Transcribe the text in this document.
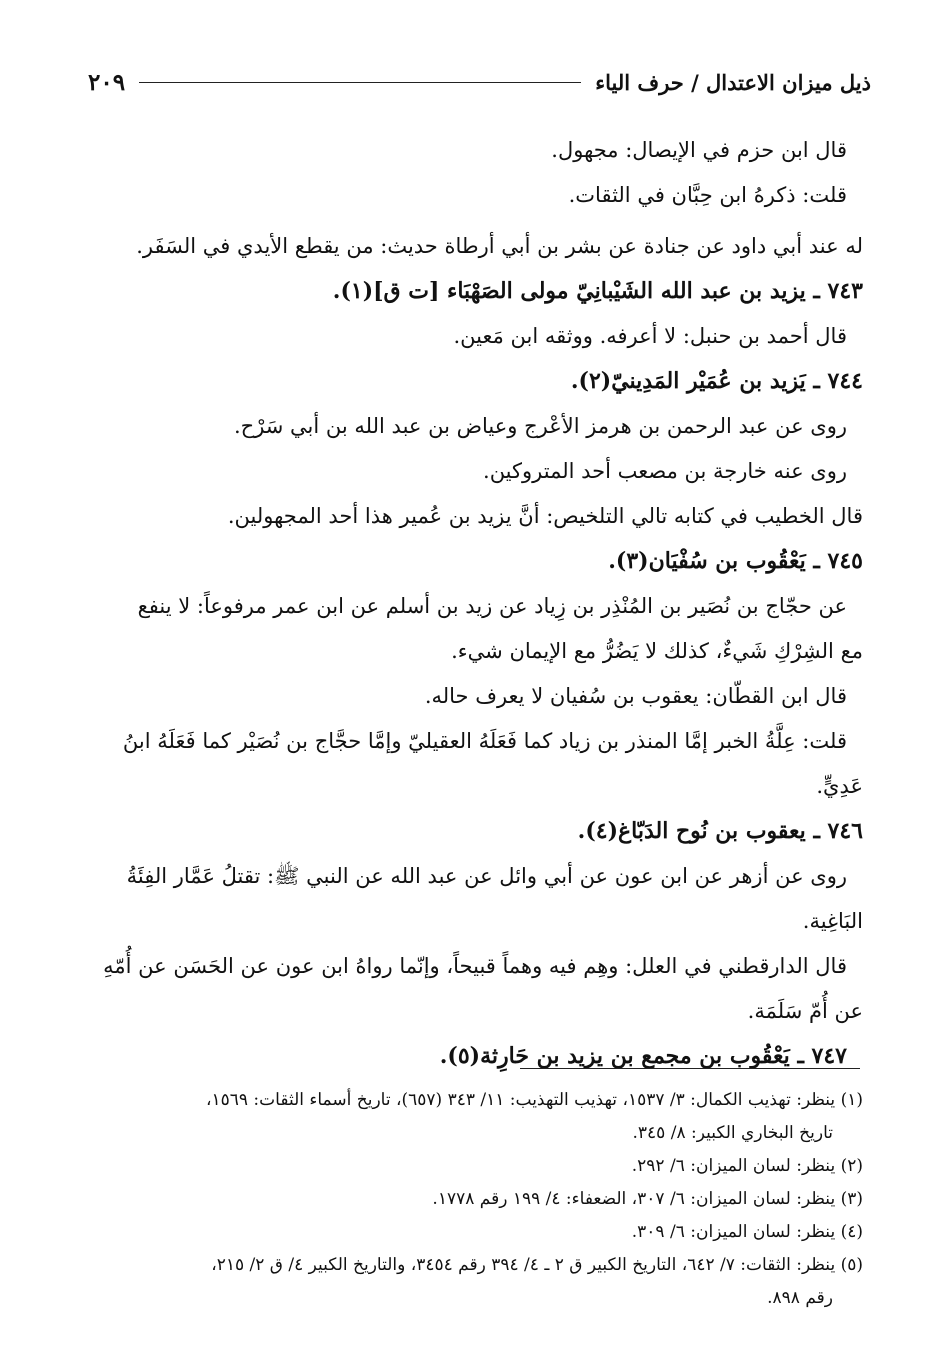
ذيل ميزان الاعتدال / حرف الياء
٢٠٩
قال ابن حزم في الإيصال: مجهول.
قلت: ذكرهُ ابن حِبَّان في الثقات.
له عند أبي داود عن جنادة عن بشر بن أبي أرطاة حديث: من يقطع الأيدي في السَفَر.
٧٤٣ ـ يزيد بن عبد الله الشَيْبانِيّ مولى الصَهْبَاء [ت ق](١).
قال أحمد بن حنبل: لا أعرفه. ووثقه ابن مَعين.
٧٤٤ ـ يَزيد بن عُمَيْر المَدِينيّ(٢).
روى عن عبد الرحمن بن هرمز الأعْرج وعياض بن عبد الله بن أبي سَرْح.
روى عنه خارجة بن مصعب أحد المتروكين.
قال الخطيب في كتابه تالي التلخيص: أنَّ يزيد بن عُمير هذا أحد المجهولين.
٧٤٥ ـ يَعْقُوب بن سُفْيَان(٣).
عن حجّاج بن نُصَير بن المُنْذِر بن زِياد عن زيد بن أسلم عن ابن عمر مرفوعاً: لا ينفع
مع الشِرْكِ شَيءٌ، كذلك لا يَضُرُّ مع الإيمان شيء.
قال ابن القطّان: يعقوب بن سُفيان لا يعرف حاله.
قلت: عِلَّةُ الخبر إمَّا المنذر بن زياد كما فَعَلَهُ العقيليّ وإمَّا حجَّاج بن نُصَيْر كما فَعَلَهُ ابنُ
عَدِيٍّ.
٧٤٦ ـ يعقوب بن نُوح الدَبّاغ(٤).
روى عن أزهر عن ابن عون عن أبي وائل عن عبد الله عن النبي ﷺ: تقتلُ عَمَّار الفِئَةُ
البَاغِية.
قال الدارقطني في العلل: وهِم فيه وهماً قبيحاً، وإنّما رواهُ ابن عون عن الحَسَن عن أُمّهِ
عن أُمّ سَلَمَة.
٧٤٧ ـ يَعْقُوب بن مجمع بن يزيد بن حَارِثة(٥).
(١) ينظر: تهذيب الكمال: ٣/ ١٥٣٧، تهذيب التهذيب: ١١/ ٣٤٣ (٦٥٧)، تاريخ أسماء الثقات: ١٥٦٩،
تاريخ البخاري الكبير: ٨/ ٣٤٥.
(٢) ينظر: لسان الميزان: ٦/ ٢٩٢.
(٣) ينظر: لسان الميزان: ٦/ ٣٠٧، الضعفاء: ٤/ ١٩٩ رقم ١٧٧٨.
(٤) ينظر: لسان الميزان: ٦/ ٣٠٩.
(٥) ينظر: الثقات: ٧/ ٦٤٢، التاريخ الكبير ق ٢ ـ ٤/ ٣٩٤ رقم ٣٤٥٤، والتاريخ الكبير ٤/ ق ٢/ ٢١٥،
رقم ٨٩٨.
